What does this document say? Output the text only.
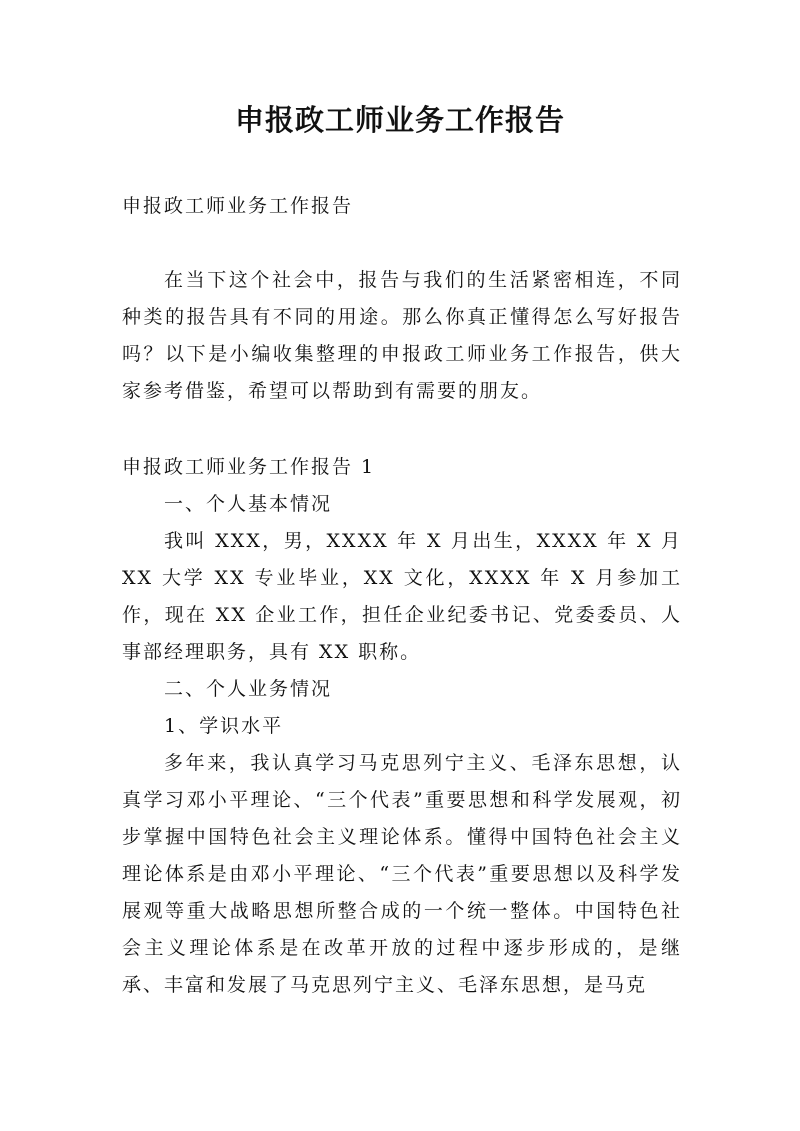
申报政工师业务工作报告

申报政工师业务工作报告

在当下这个社会中，报告与我们的生活紧密相连，不同种类的报告具有不同的用途。那么你真正懂得怎么写好报告吗？以下是小编收集整理的申报政工师业务工作报告，供大家参考借鉴，希望可以帮助到有需要的朋友。

申报政工师业务工作报告 1

一、个人基本情况

我叫 XXX，男，XXXX 年 X 月出生，XXXX 年 X 月 XX 大学 XX 专业毕业，XX 文化，XXXX 年 X 月参加工作，现在 XX 企业工作，担任企业纪委书记、党委委员、人事部经理职务，具有 XX 职称。

二、个人业务情况

1、学识水平

多年来，我认真学习马克思列宁主义、毛泽东思想，认真学习邓小平理论、“三个代表”重要思想和科学发展观，初步掌握中国特色社会主义理论体系。懂得中国特色社会主义理论体系是由邓小平理论、“三个代表”重要思想以及科学发展观等重大战略思想所整合成的一个统一整体。中国特色社会主义理论体系是在改革开放的过程中逐步形成的，是继承、丰富和发展了马克思列宁主义、毛泽东思想，是马克
